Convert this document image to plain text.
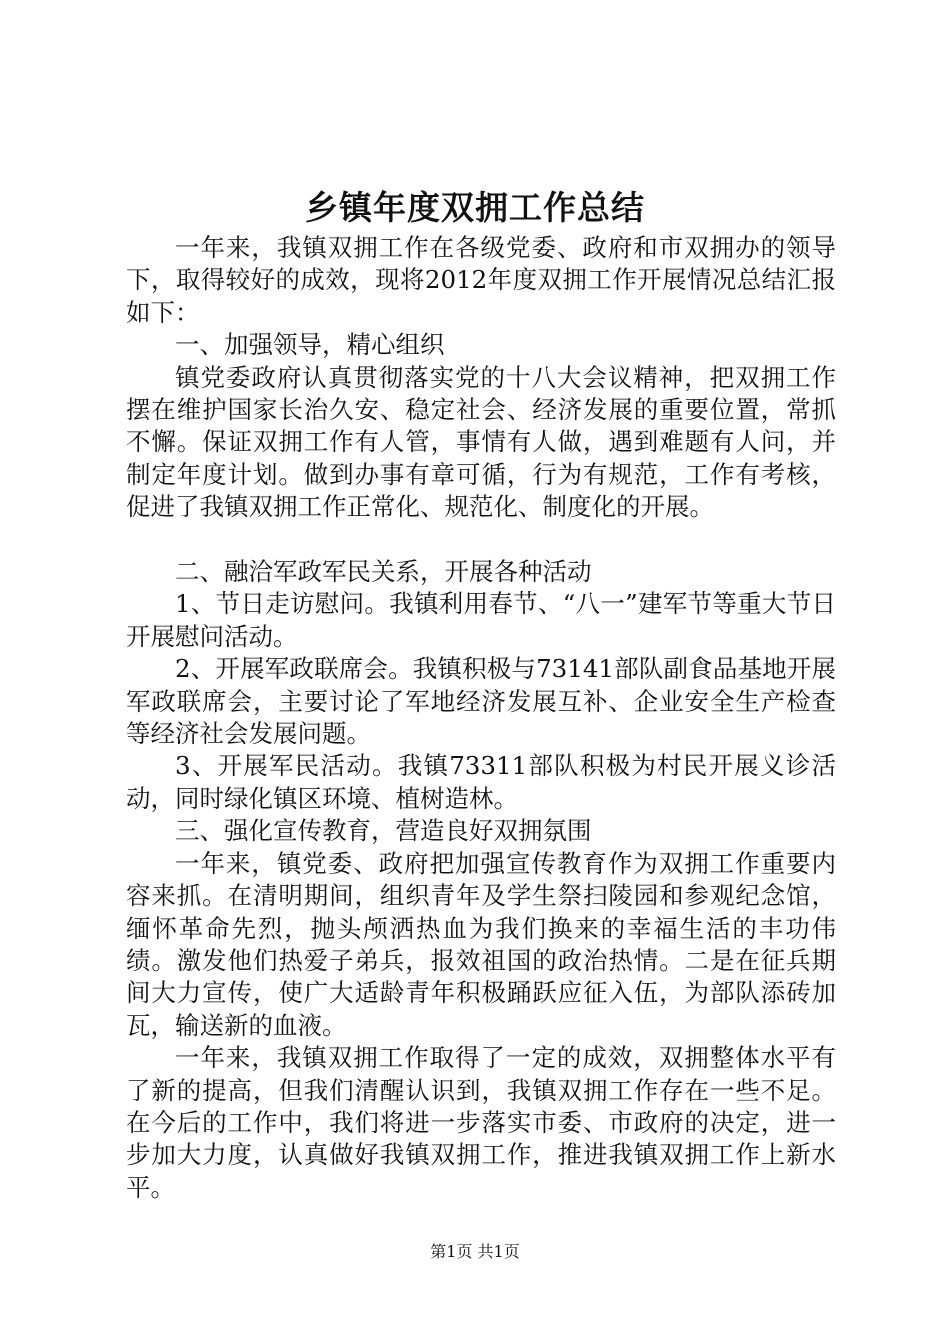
乡镇年度双拥工作总结

一年来，我镇双拥工作在各级党委、政府和市双拥办的领导下，取得较好的成效，现将2012年度双拥工作开展情况总结汇报如下：

一、加强领导，精心组织

镇党委政府认真贯彻落实党的十八大会议精神，把双拥工作摆在维护国家长治久安、稳定社会、经济发展的重要位置，常抓不懈。保证双拥工作有人管，事情有人做，遇到难题有人问，并制定年度计划。做到办事有章可循，行为有规范，工作有考核，促进了我镇双拥工作正常化、规范化、制度化的开展。

二、融洽军政军民关系，开展各种活动

1、节日走访慰问。我镇利用春节、“八一”建军节等重大节日开展慰问活动。

2、开展军政联席会。我镇积极与73141部队副食品基地开展军政联席会，主要讨论了军地经济发展互补、企业安全生产检查等经济社会发展问题。

3、开展军民活动。我镇73311部队积极为村民开展义诊活动，同时绿化镇区环境、植树造林。

三、强化宣传教育，营造良好双拥氛围

一年来，镇党委、政府把加强宣传教育作为双拥工作重要内容来抓。在清明期间，组织青年及学生祭扫陵园和参观纪念馆，缅怀革命先烈，抛头颅洒热血为我们换来的幸福生活的丰功伟绩。激发他们热爱子弟兵，报效祖国的政治热情。二是在征兵期间大力宣传，使广大适龄青年积极踊跃应征入伍，为部队添砖加瓦，输送新的血液。

一年来，我镇双拥工作取得了一定的成效，双拥整体水平有了新的提高，但我们清醒认识到，我镇双拥工作存在一些不足。在今后的工作中，我们将进一步落实市委、市政府的决定，进一步加大力度，认真做好我镇双拥工作，推进我镇双拥工作上新水平。

第1页 共1页
